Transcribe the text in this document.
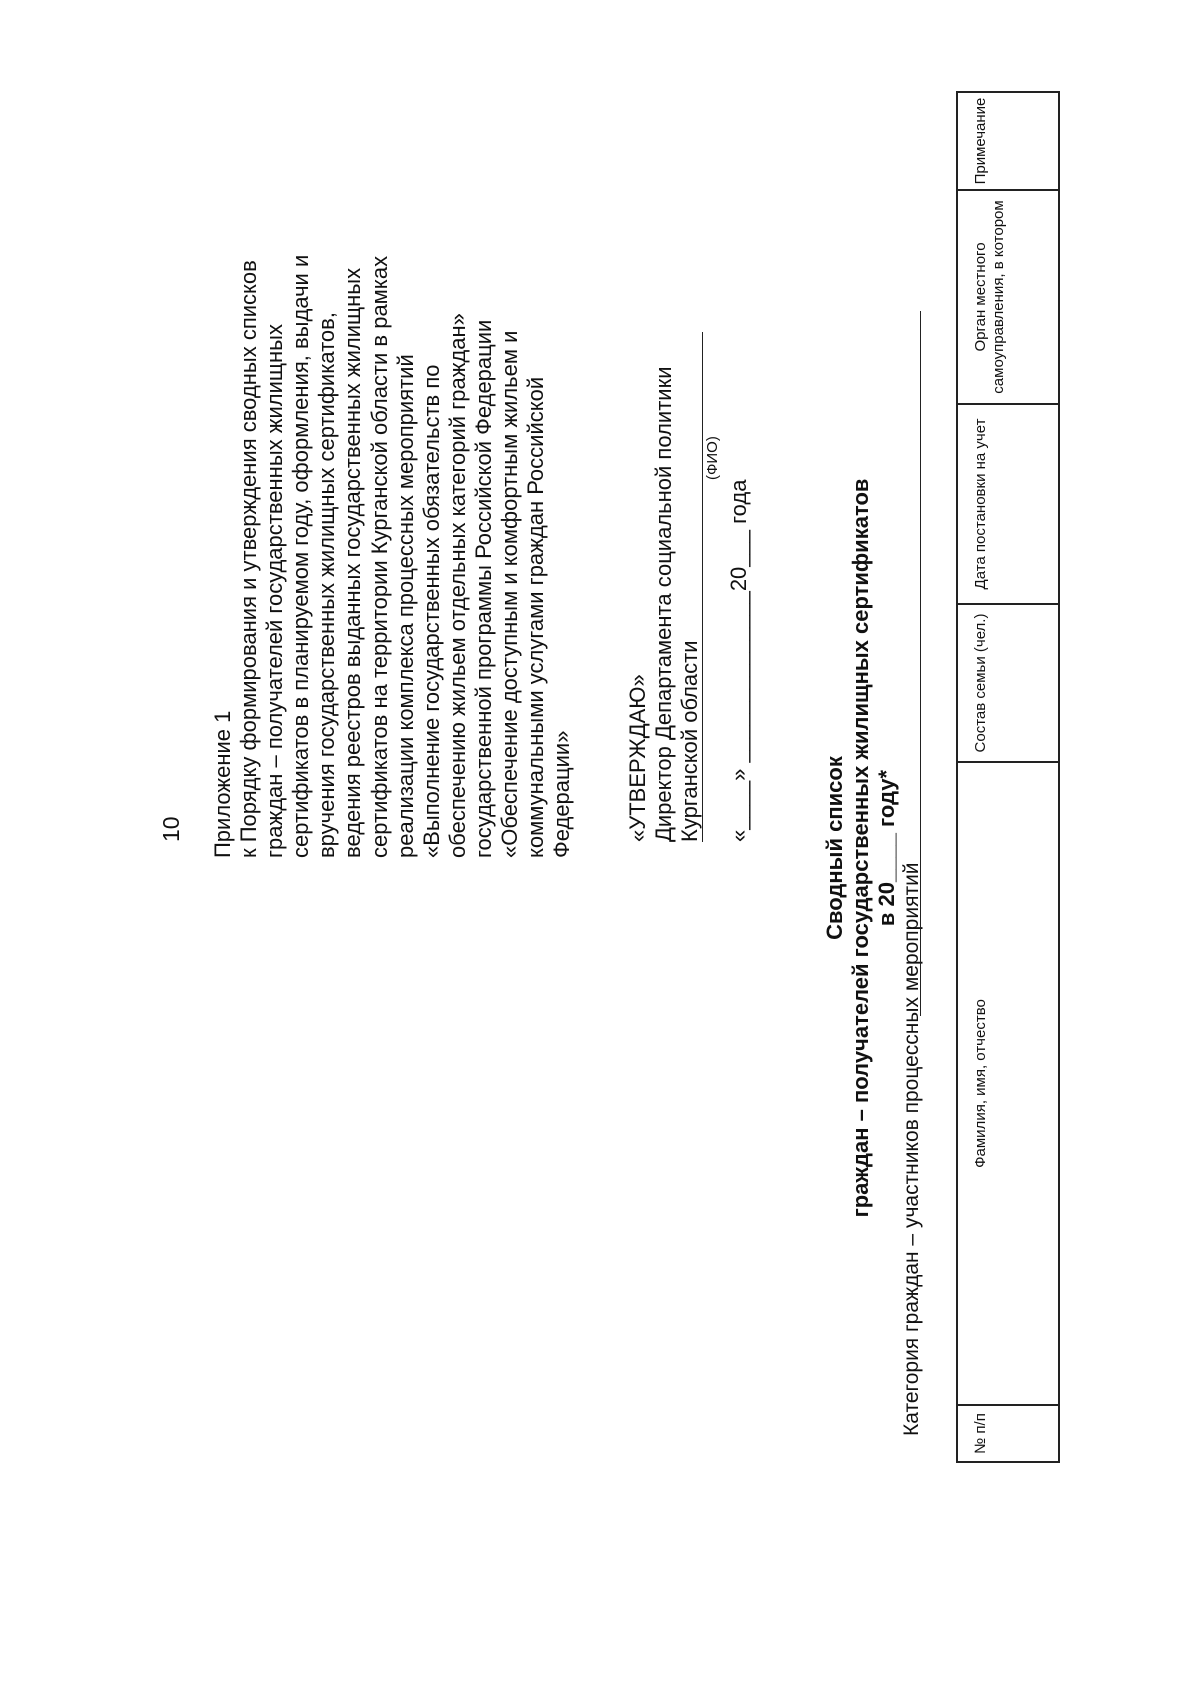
10 Приложение 1 к Порядку формирования и утверждения сводных списков граждан – получателей государственных жилищных сертификатов в планируемом году, оформления, выдачи и вручения государственных жилищных сертификатов, ведения реестров выданных государственных жилищных сертификатов на территории Курганской области в рамках реализации комплекса процессных мероприятий «Выполнение государственных обязательств по обеспечению жильем отдельных категорий граждан» государственной программы Российской Федерации «Обеспечение доступным и комфортным жильем и коммунальными услугами граждан Российской Федерации» «УТВЕРЖДАЮ» Директор Департамента социальной политики Курганской области
(ФИО)
«____» ______________20___ года
Сводный список граждан – получателей государственных жилищных сертификатов в 20____ году*
Категория граждан – участников процессных мероприятий	№ п/п	Фамилия, имя, отчество	Состав семьи (чел.)	Дата постановки на учет	Орган местного самоуправления, в котором	Примечание
